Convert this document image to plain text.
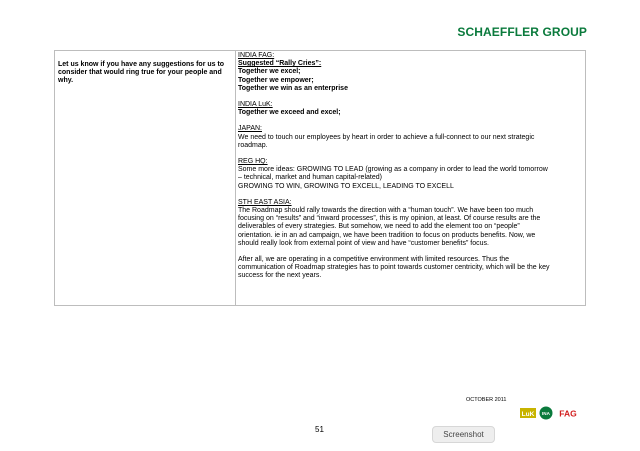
SCHAEFFLER GROUP
Let us know if you have any suggestions for us to consider that would ring true for your people and why.
INDIA FAG:
Suggested “Rally Cries”:
Together we excel;
Together we empower;
Together we win as an enterprise
INDIA LuK:
Together we exceed and excel;
JAPAN:
We need to touch our employees by heart in order to achieve a full-connect to our next strategic
roadmap.
REG HQ:
Some more ideas: GROWING TO LEAD (growing as a company in order to lead the world tomorrow
– technical, market and human capital-related)
GROWING TO WIN, GROWING TO EXCELL, LEADING TO EXCELL
STH EAST ASIA:
The Roadmap should rally towards the direction with a “human touch”. We have been too much
focusing on “results” and “inward processes”, this is my opinion, at least. Of course results are the
deliverables of every strategies. But somehow, we need to add the element too on “people”
orientation. ie in an ad campaign, we have been tradition to focus on products benefits. Now, we
should really look from external point of view and have “customer benefits” focus.
After all, we are operating in a competitive environment with limited resources. Thus the
communication of Roadmap strategies has to point towards customer centricity, which will be the key
success for the next years.
OCTOBER 2011
LuK INA FAG
51
Screenshot
